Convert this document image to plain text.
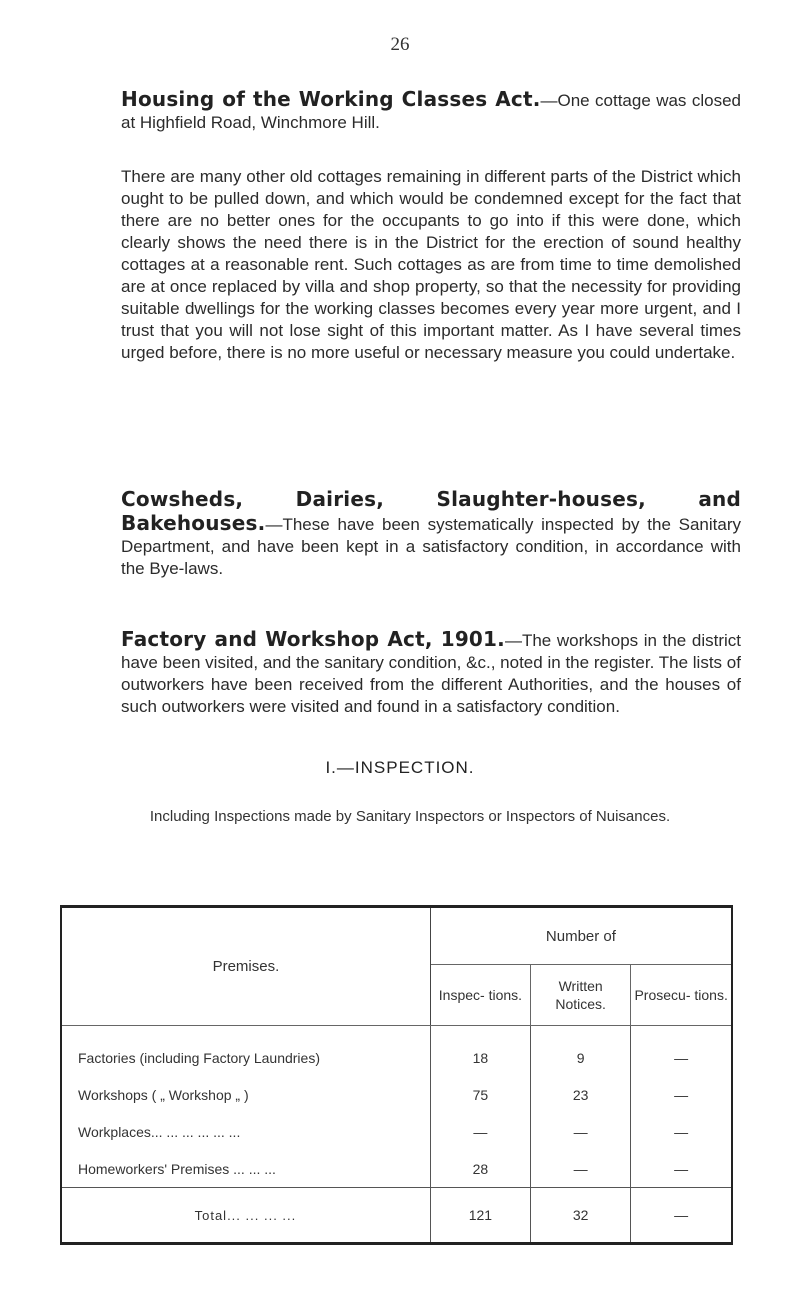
26

Housing of the Working Classes Act.—One cottage was closed at Highfield Road, Winchmore Hill.

There are many other old cottages remaining in different parts of the District which ought to be pulled down, and which would be condemned except for the fact that there are no better ones for the occupants to go into if this were done, which clearly shows the need there is in the District for the erection of sound healthy cottages at a reasonable rent. Such cottages as are from time to time demolished are at once replaced by villa and shop property, so that the necessity for providing suitable dwellings for the working classes becomes every year more urgent, and I trust that you will not lose sight of this important matter. As I have several times urged before, there is no more useful or necessary measure you could undertake.

Cowsheds, Dairies, Slaughter-houses, and Bakehouses.—These have been systematically inspected by the Sanitary Department, and have been kept in a satisfactory condition, in accordance with the Bye-laws.

Factory and Workshop Act, 1901.—The workshops in the district have been visited, and the sanitary condition, &c., noted in the register. The lists of outworkers have been received from the different Authorities, and the houses of such outworkers were visited and found in a satisfactory condition.

I.—INSPECTION.
Including Inspections made by Sanitary Inspectors or Inspectors of Nuisances.
Premises.	Number of		
	Inspec- tions.	Written Notices.	Prosecu- tions.
Factories (including Factory Laundries)	18	9	—
Workshops ( „ Workshop „ )	75	23	—
Workplaces... ... ... ... ... ...	—	—	—
Homeworkers' Premises ... ... ...	28	—	—
Total... ... ... ...	121	32	—
